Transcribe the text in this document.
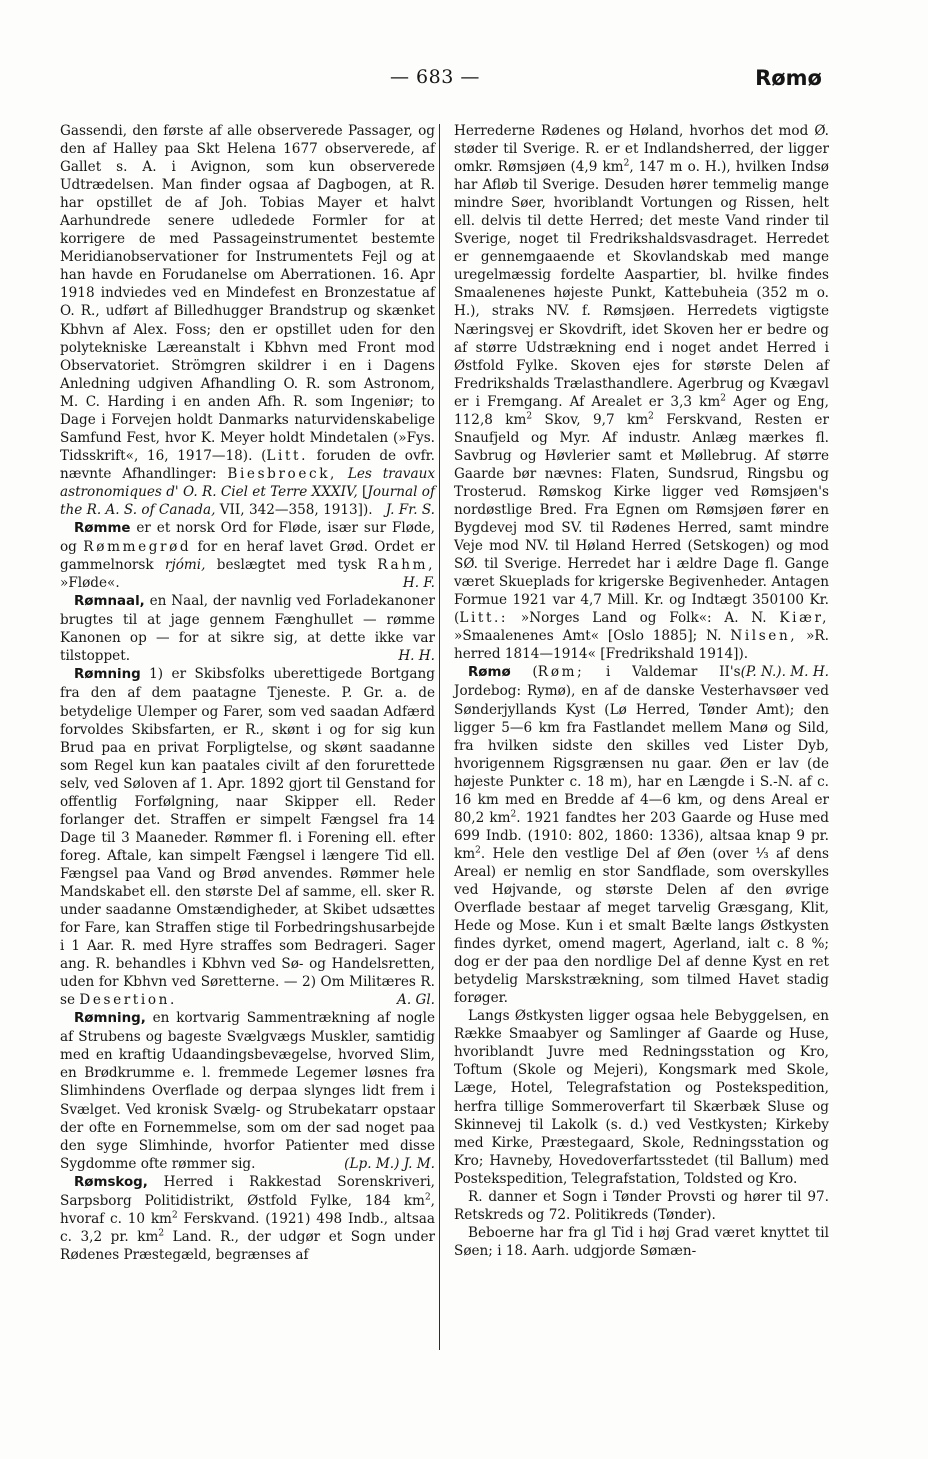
— 683 —	Rømø

Gassendi, den første af alle observerede Passager, og den af Halley paa Skt Helena 1677 observerede, af Gallet s. A. i Avignon, som kun observerede Udtrædelsen. Man finder ogsaa af Dagbogen, at R. har opstillet de af Joh. Tobias Mayer et halvt Aarhundrede senere udledede Formler for at korrigere de med Passageinstrumentet bestemte Meridianobservationer for Instrumentets Fejl og at han havde en Forudanelse om Aberrationen. 16. Apr 1918 indviedes ved en Mindefest en Bronzestatue af O. R., udført af Billedhugger Brandstrup og skænket Kbhvn af Alex. Foss; den er opstillet uden for den polytekniske Læreanstalt i Kbhvn med Front mod Observatoriet. Strömgren skildrer i en i Dagens Anledning udgiven Afhandling O. R. som Astronom, M. C. Harding i en anden Afh. R. som Ingeniør; to Dage i Forvejen holdt Danmarks naturvidenskabelige Samfund Fest, hvor K. Meyer holdt Mindetalen (»Fys. Tidsskrift«, 16, 1917—18). (Litt. foruden de ovfr. nævnte Afhandlinger: Biesbroeck, Les travaux astronomiques d' O. R. Ciel et Terre XXXIV, [Journal of the R. A. S. of Canada, VII, 342—358, 1913]). J. Fr. S.

Rømme er et norsk Ord for Fløde, især sur Fløde, og Rømmegrød for en heraf lavet Grød. Ordet er gammelnorsk rjómi, beslægtet med tysk Rahm, »Fløde«.	H. F.

Rømnaal, en Naal, der navnlig ved Forladekanoner brugtes til at jage gennem Fænghullet — rømme Kanonen op — for at sikre sig, at dette ikke var tilstoppet.	H. H.

Rømning 1) er Skibsfolks uberettigede Bortgang fra den af dem paatagne Tjeneste. P. Gr. a. de betydelige Ulemper og Farer, som ved saadan Adfærd forvoldes Skibsfarten, er R., skønt i og for sig kun Brud paa en privat Forpligtelse, og skønt saadanne som Regel kun kan paatales civilt af den forurettede selv, ved Søloven af 1. Apr. 1892 gjort til Genstand for offentlig Forfølgning, naar Skipper ell. Reder forlanger det. Straffen er simpelt Fængsel fra 14 Dage til 3 Maaneder. Rømmer fl. i Forening ell. efter foreg. Aftale, kan simpelt Fængsel i længere Tid ell. Fængsel paa Vand og Brød anvendes. Rømmer hele Mandskabet ell. den største Del af samme, ell. sker R. under saadanne Omstændigheder, at Skibet udsættes for Fare, kan Straffen stige til Forbedringshusarbejde i 1 Aar. R. med Hyre straffes som Bedrageri. Sager ang. R. behandles i Kbhvn ved Sø- og Handelsretten, uden for Kbhvn ved Søretterne. — 2) Om Militæres R. se Desertion.	A. Gl.

Rømning, en kortvarig Sammentrækning af nogle af Strubens og bageste Svælgvægs Muskler, samtidig med en kraftig Udaandingsbevægelse, hvorved Slim, en Brødkrumme e. l. fremmede Legemer løsnes fra Slimhindens Overflade og derpaa slynges lidt frem i Svælget. Ved kronisk Svælg- og Strubekatarr opstaar der ofte en Fornemmelse, som om der sad noget paa den syge Slimhinde, hvorfor Patienter med disse Sygdomme ofte rømmer sig.	(Lp. M.) J. M.

Rømskog, Herred i Rakkestad Sorenskriveri, Sarpsborg Politidistrikt, Østfold Fylke, 184 $km^2$, hvoraf c. 10 $km^2$ Ferskvand. (1921) 498 Indb., altsaa c. 3,2 pr. $km^2$ Land. R., der udgør et Sogn under Rødenes Præstegæld, begrænses af

Herrederne Rødenes og Høland, hvorhos det mod Ø. støder til Sverige. R. er et Indlandsherred, der ligger omkr. Rømsjøen (4,9 $km^2$, 147 m o. H.), hvilken Indsø har Afløb til Sverige. Desuden hører temmelig mange mindre Søer, hvoriblandt Vortungen og Rissen, helt ell. delvis til dette Herred; det meste Vand rinder til Sverige, noget til Fredrikshaldsvasdraget. Herredet er gennemgaaende et Skovlandskab med mange uregelmæssig fordelte Aaspartier, bl. hvilke findes Smaalenenes højeste Punkt, Kattebuheia (352 m o. H.), straks NV. f. Rømsjøen. Herredets vigtigste Næringsvej er Skovdrift, idet Skoven her er bedre og af større Udstrækning end i noget andet Herred i Østfold Fylke. Skoven ejes for største Delen af Fredrikshalds Trælasthandlere. Agerbrug og Kvægavl er i Fremgang. Af Arealet er 3,3 $km^2$ Ager og Eng, 112,8 $km^2$ Skov, 9,7 $km^2$ Ferskvand, Resten er Snaufjeld og Myr. Af industr. Anlæg mærkes fl. Savbrug og Høvlerier samt et Møllebrug. Af større Gaarde bør nævnes: Flaten, Sundsrud, Ringsbu og Trosterud. Rømskog Kirke ligger ved Rømsjøen's nordøstlige Bred. Fra Egnen om Rømsjøen fører en Bygdevej mod SV. til Rødenes Herred, samt mindre Veje mod NV. til Høland Herred (Setskogen) og mod SØ. til Sverige. Herredet har i ældre Dage fl. Gange været Skueplads for krigerske Begivenheder. Antagen Formue 1921 var 4,7 Mill. Kr. og Indtægt 350100 Kr. (Litt.: »Norges Land og Folk«: A. N. Kiær, »Smaalenenes Amt« [Oslo 1885]; N. Nilsen, »R. herred 1814—1914« [Fredrikshald 1914]).
(P. N.). M. H.

Rømø (Røm; i Valdemar II's Jordebog: Rymø), en af de danske Vesterhavsøer ved Sønderjyllands Kyst (Lø Herred, Tønder Amt); den ligger 5—6 km fra Fastlandet mellem Manø og Sild, fra hvilken sidste den skilles ved Lister Dyb, hvorigennem Rigsgrænsen nu gaar. Øen er lav (de højeste Punkter c. 18 m), har en Længde i S.-N. af c. 16 km med en Bredde af 4—6 km, og dens Areal er 80,2 $km^2$. 1921 fandtes her 203 Gaarde og Huse med 699 Indb. (1910: 802, 1860: 1336), altsaa knap 9 pr. $km^2$. Hele den vestlige Del af Øen (over ⅓ af dens Areal) er nemlig en stor Sandflade, som overskylles ved Højvande, og største Delen af den øvrige Overflade bestaar af meget tarvelig Græsgang, Klit, Hede og Mose. Kun i et smalt Bælte langs Østkysten findes dyrket, omend magert, Agerland, ialt c. 8 %; dog er der paa den nordlige Del af denne Kyst en ret betydelig Marskstrækning, som tilmed Havet stadig forøger.

Langs Østkysten ligger ogsaa hele Bebyggelsen, en Række Smaabyer og Samlinger af Gaarde og Huse, hvoriblandt Juvre med Redningsstation og Kro, Toftum (Skole og Mejeri), Kongsmark med Skole, Læge, Hotel, Telegrafstation og Postekspedition, herfra tillige Sommeroverfart til Skærbæk Sluse og Skinnevej til Lakolk (s. d.) ved Vestkysten; Kirkeby med Kirke, Præstegaard, Skole, Redningsstation og Kro; Havneby, Hovedoverfartsstedet (til Ballum) med Postekspedition, Telegrafstation, Toldsted og Kro.

R. danner et Sogn i Tønder Provsti og hører til 97. Retskreds og 72. Politikreds (Tønder).

Beboerne har fra gl Tid i høj Grad været knyttet til Søen; i 18. Aarh. udgjorde Sømæn-
